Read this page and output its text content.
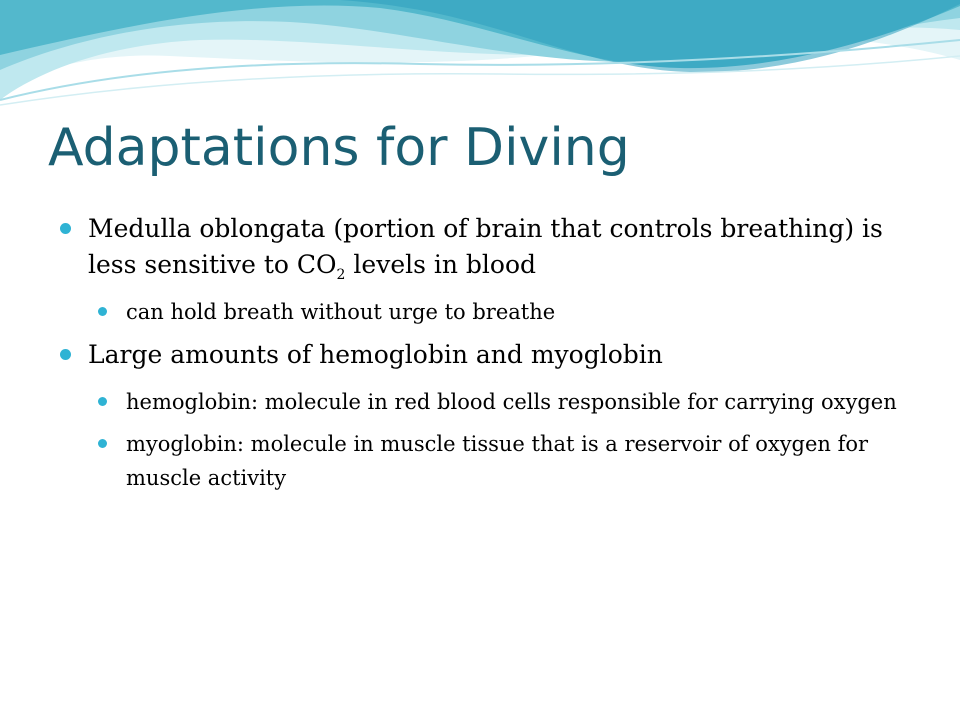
Adaptations for Diving
Medulla oblongata (portion of brain that controls breathing) is less sensitive to $CO_2$ levels in blood
can hold breath without urge to breathe
Large amounts of hemoglobin and myoglobin
hemoglobin: molecule in red blood cells responsible for carrying oxygen
myoglobin: molecule in muscle tissue that is a reservoir of oxygen for muscle activity
